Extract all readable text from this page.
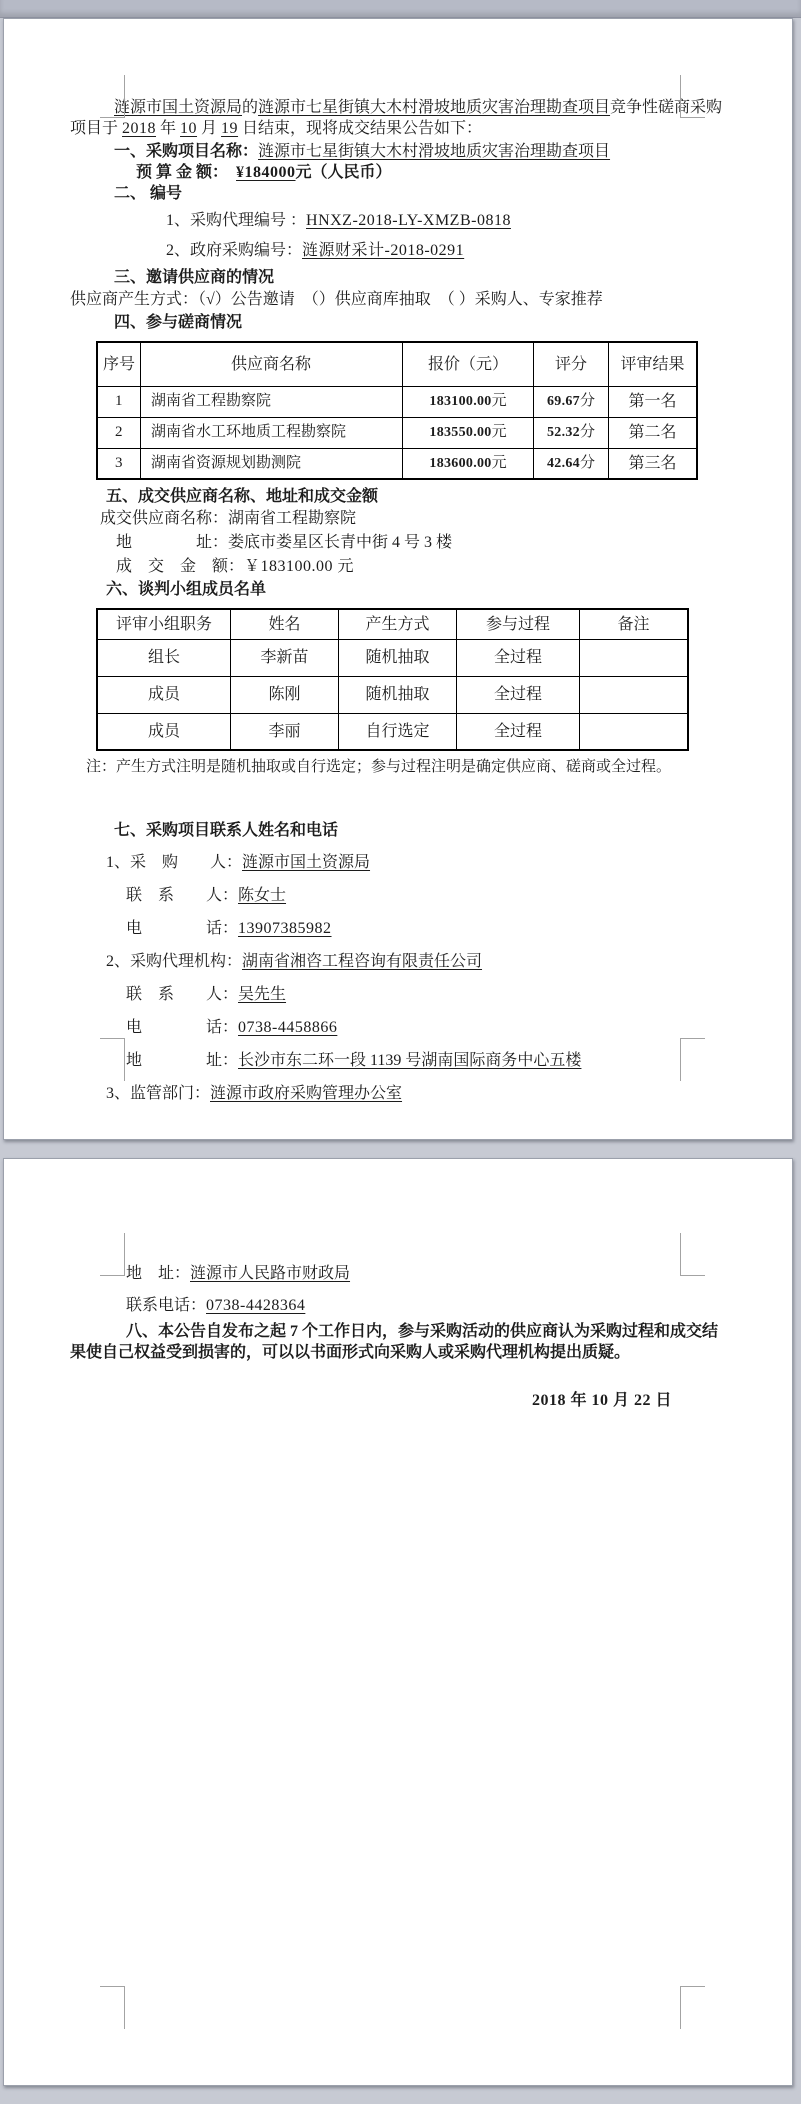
涟源市国土资源局的涟源市七星街镇大木村滑坡地质灾害治理勘查项目竞争性磋商采购项目于 2018 年 10 月 19 日结束，现将成交结果公告如下：

一、采购项目名称：涟源市七星街镇大木村滑坡地质灾害治理勘查项目

预 算 金 额：　 ¥184000元（人民币）

二、 编号

1、采购代理编号 ：HNXZ-2018-LY-XMZB-0818

2、政府采购编号：涟源财采计-2018-0291

三、邀请供应商的情况

供应商产生方式：（√）公告邀请　（）供应商库抽取　（ ）采购人、专家推荐

四、参与磋商情况

序号	供应商名称	报价（元）	评分	评审结果
1	湖南省工程勘察院	183100.00元	69.67分	第一名
2	湖南省水工环地质工程勘察院	183550.00元	52.32分	第二名
3	湖南省资源规划勘测院	183600.00元	42.64分	第三名

五、成交供应商名称、地址和成交金额

成交供应商名称：湖南省工程勘察院

地　　　　址：娄底市娄星区长青中街 4 号 3 楼

成　交　金　额：￥183100.00 元

六、谈判小组成员名单

评审小组职务	姓名	产生方式	参与过程	备注
组长	李新苗	随机抽取	全过程	
成员	陈刚	随机抽取	全过程	
成员	李丽	自行选定	全过程	

注：产生方式注明是随机抽取或自行选定；参与过程注明是确定供应商、磋商或全过程。

七、采购项目联系人姓名和电话

1、采　购　　人：涟源市国土资源局

联　系　　人：陈女士

电　　　　话：13907385982

2、采购代理机构：湖南省湘咨工程咨询有限责任公司

联　系　　人：吴先生

电　　　　话：0738-4458866

地　　　　址：长沙市东二环一段 1139 号湖南国际商务中心五楼

3、监管部门：涟源市政府采购管理办公室

地　址：涟源市人民路市财政局

联系电话：0738-4428364

八、本公告自发布之起 7 个工作日内，参与采购活动的供应商认为采购过程和成交结果使自己权益受到损害的，可以以书面形式向采购人或采购代理机构提出质疑。

2018 年 10 月 22 日
